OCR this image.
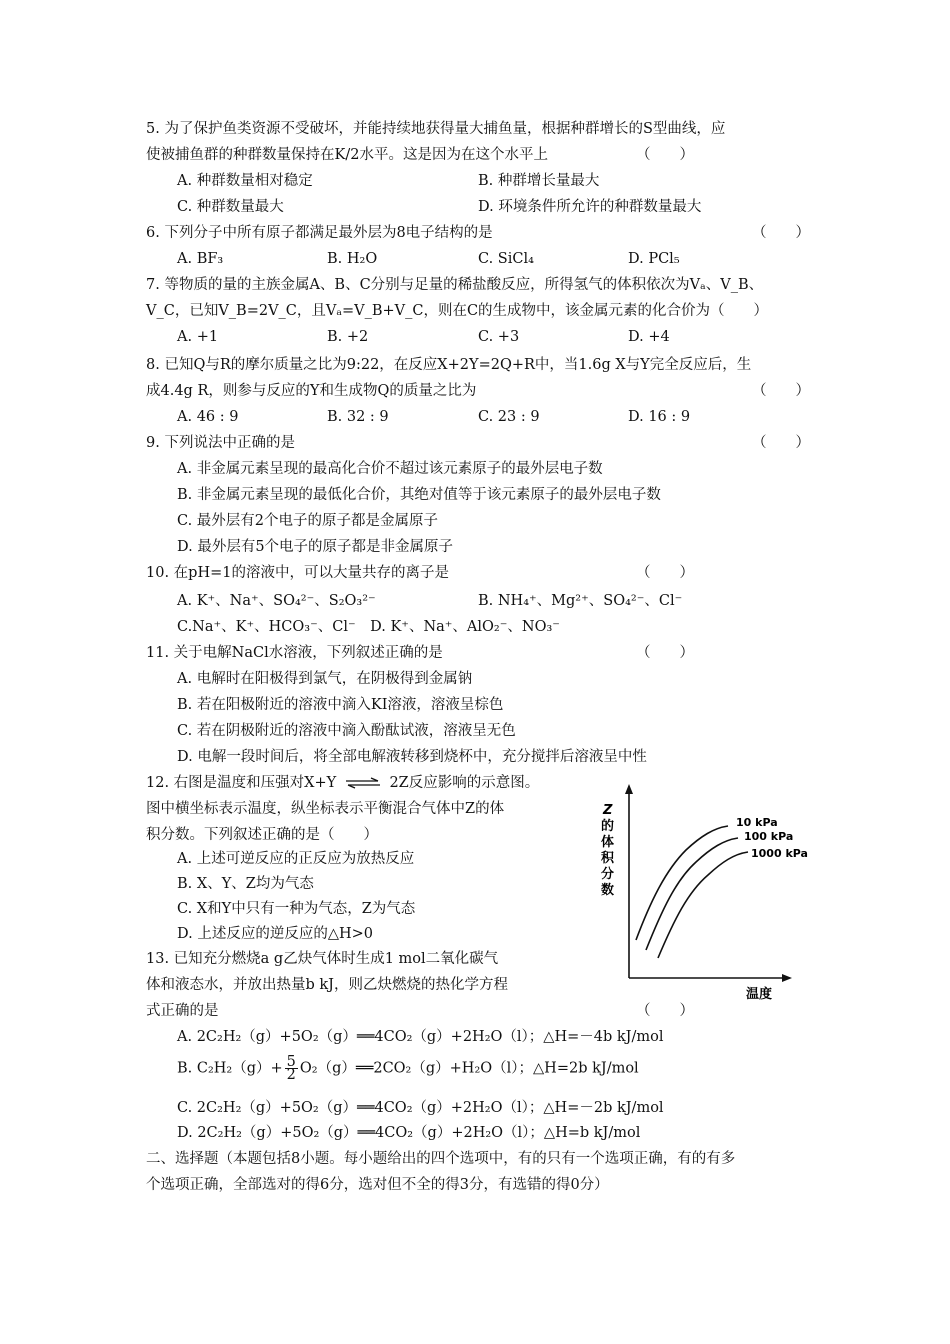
5. 为了保护鱼类资源不受破坏，并能持续地获得量大捕鱼量，根据种群增长的S型曲线，应
使被捕鱼群的种群数量保持在K/2水平。这是因为在这个水平上	（　　）
A. 种群数量相对稳定	B. 种群增长量最大
C. 种群数量最大	D. 环境条件所允许的种群数量最大
6. 下列分子中所有原子都满足最外层为8电子结构的是	（　　）
A. BF₃	B. H₂O	C. SiCl₄	D. PCl₅
7. 等物质的量的主族金属A、B、C分别与足量的稀盐酸反应，所得氢气的体积依次为Vₐ、V_B、
V_C，已知V_B=2V_C，且Vₐ=V_B+V_C，则在C的生成物中，该金属元素的化合价为（　　）
A. +1	B. +2	C. +3	D. +4
8. 已知Q与R的摩尔质量之比为9:22，在反应X+2Y=2Q+R中，当1.6g X与Y完全反应后，生
成4.4g R，则参与反应的Y和生成物Q的质量之比为	（　　）
A. 46 : 9	B. 32 : 9	C. 23 : 9	D. 16 : 9
9. 下列说法中正确的是	（　　）
A. 非金属元素呈现的最高化合价不超过该元素原子的最外层电子数
B. 非金属元素呈现的最低化合价，其绝对值等于该元素原子的最外层电子数
C. 最外层有2个电子的原子都是金属原子
D. 最外层有5个电子的原子都是非金属原子
10. 在pH=1的溶液中，可以大量共存的离子是	（　　）
A. K⁺、Na⁺、SO₄²⁻、S₂O₃²⁻	B. NH₄⁺、Mg²⁺、SO₄²⁻、Cl⁻
C.Na⁺、K⁺、HCO₃⁻、Cl⁻　D. K⁺、Na⁺、AlO₂⁻、NO₃⁻
11. 关于电解NaCl水溶液，下列叙述正确的是	（　　）
A. 电解时在阳极得到氯气，在阴极得到金属钠
B. 若在阳极附近的溶液中滴入KI溶液，溶液呈棕色
C. 若在阴极附近的溶液中滴入酚酞试液，溶液呈无色
D. 电解一段时间后，将全部电解液转移到烧杯中，充分搅拌后溶液呈中性
12. 右图是温度和压强对X+Y ⇌ 2Z反应影响的示意图。
图中横坐标表示温度，纵坐标表示平衡混合气体中Z的体
积分数。下列叙述正确的是（　　）
A. 上述可逆反应的正反应为放热反应
B. X、Y、Z均为气态
C. X和Y中只有一种为气态，Z为气态
D. 上述反应的逆反应的△H>0
Z
的
体
积
分
数
温度
10 kPa
100 kPa
1000 kPa
13. 已知充分燃烧a g乙炔气体时生成1 mol二氧化碳气
体和液态水，并放出热量b kJ，则乙炔燃烧的热化学方程
式正确的是	（　　）
A. 2C₂H₂（g）+5O₂（g）══4CO₂（g）+2H₂O（l）；△H=－4b kJ/mol
B. $C_2H_2(g)+ \frac{5}{2}$ O₂（g）══2CO₂（g）+H₂O（l）；△H=2b kJ/mol
C. 2C₂H₂（g）+5O₂（g）══4CO₂（g）+2H₂O（l）；△H=－2b kJ/mol
D. 2C₂H₂（g）+5O₂（g）══4CO₂（g）+2H₂O（l）；△H=b kJ/mol
二、选择题（本题包括8小题。每小题给出的四个选项中，有的只有一个选项正确，有的有多
个选项正确，全部选对的得6分，选对但不全的得3分，有选错的得0分）
